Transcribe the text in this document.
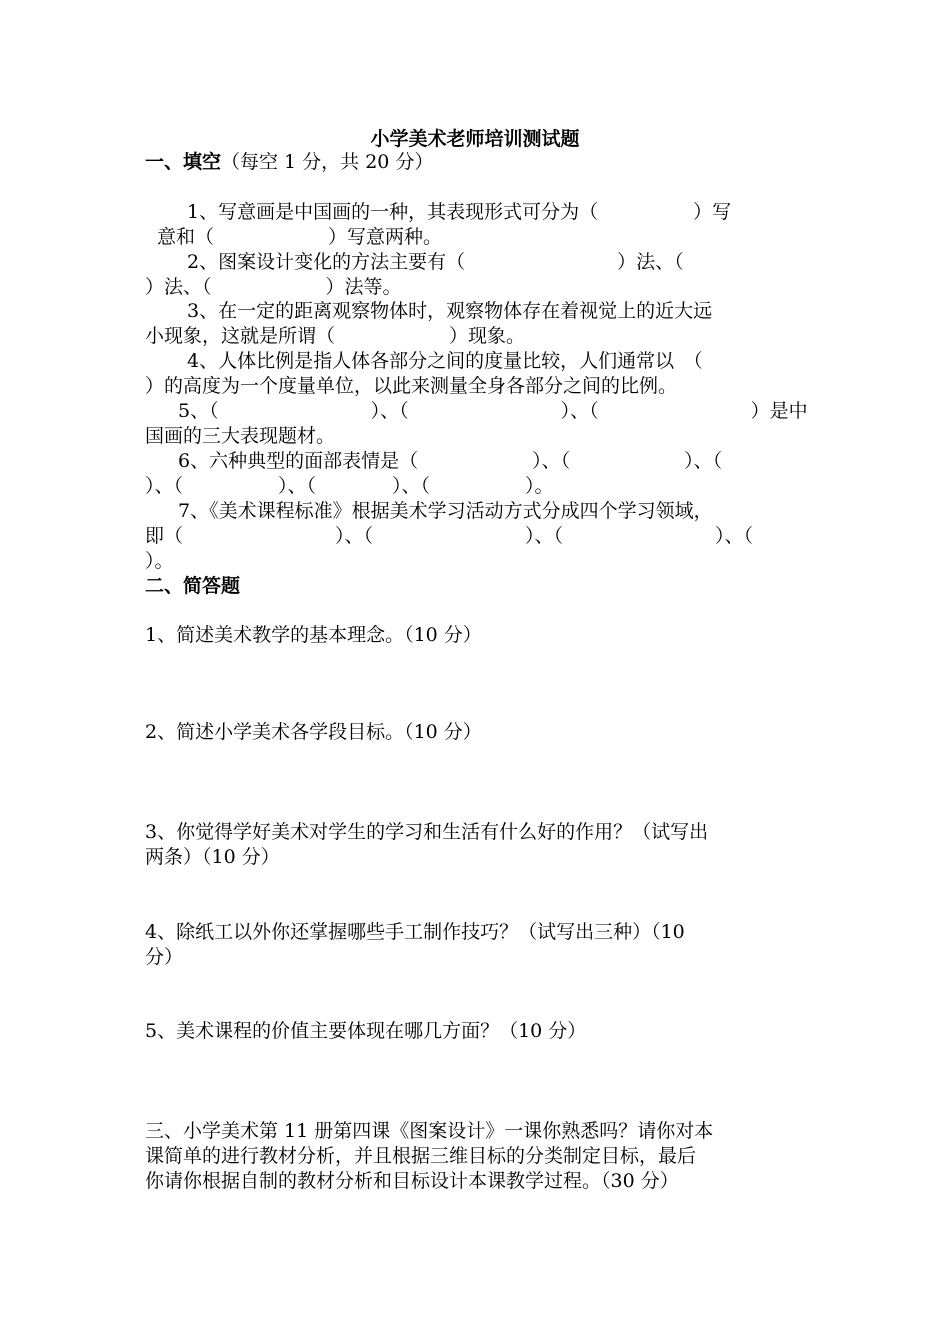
小学美术老师培训测试题
一、填空（每空 1 分，共 20 分）
1、写意画是中国画的一种，其表现形式可分为（　　　　　）写
意和（　　　　　　）写意两种。
2、图案设计变化的方法主要有（　　　　　　　　）法、（
）法、（　　　　　　）法等。
3、在一定的距离观察物体时，观察物体存在着视觉上的近大远
小现象，这就是所谓（　　　　　　）现象。
4、人体比例是指人体各部分之间的度量比较，人们通常以　（
）的高度为一个度量单位，以此来测量全身各部分之间的比例。
5、（　　　　　　　　）、（　　　　　　　　）、（　　　　　　　　）是中
国画的三大表现题材。
6、六种典型的面部表情是（　　　　　　）、（　　　　　　）、（
）、（　　　　　）、（　　　　）、（　　　　　）。
7、《美术课程标准》根据美术学习活动方式分成四个学习领域，
即（　　　　　　　　）、（　　　　　　　　）、（　　　　　　　　）、（
）。
二、简答题
1、简述美术教学的基本理念。（10 分）
2、简述小学美术各学段目标。（10 分）
3、你觉得学好美术对学生的学习和生活有什么好的作用？（试写出
两条）（10 分）
4、除纸工以外你还掌握哪些手工制作技巧？（试写出三种）（10
分）
5、美术课程的价值主要体现在哪几方面？（10 分）
三、小学美术第 11 册第四课《图案设计》一课你熟悉吗？请你对本
课简单的进行教材分析，并且根据三维目标的分类制定目标，最后
你请你根据自制的教材分析和目标设计本课教学过程。（30 分）
